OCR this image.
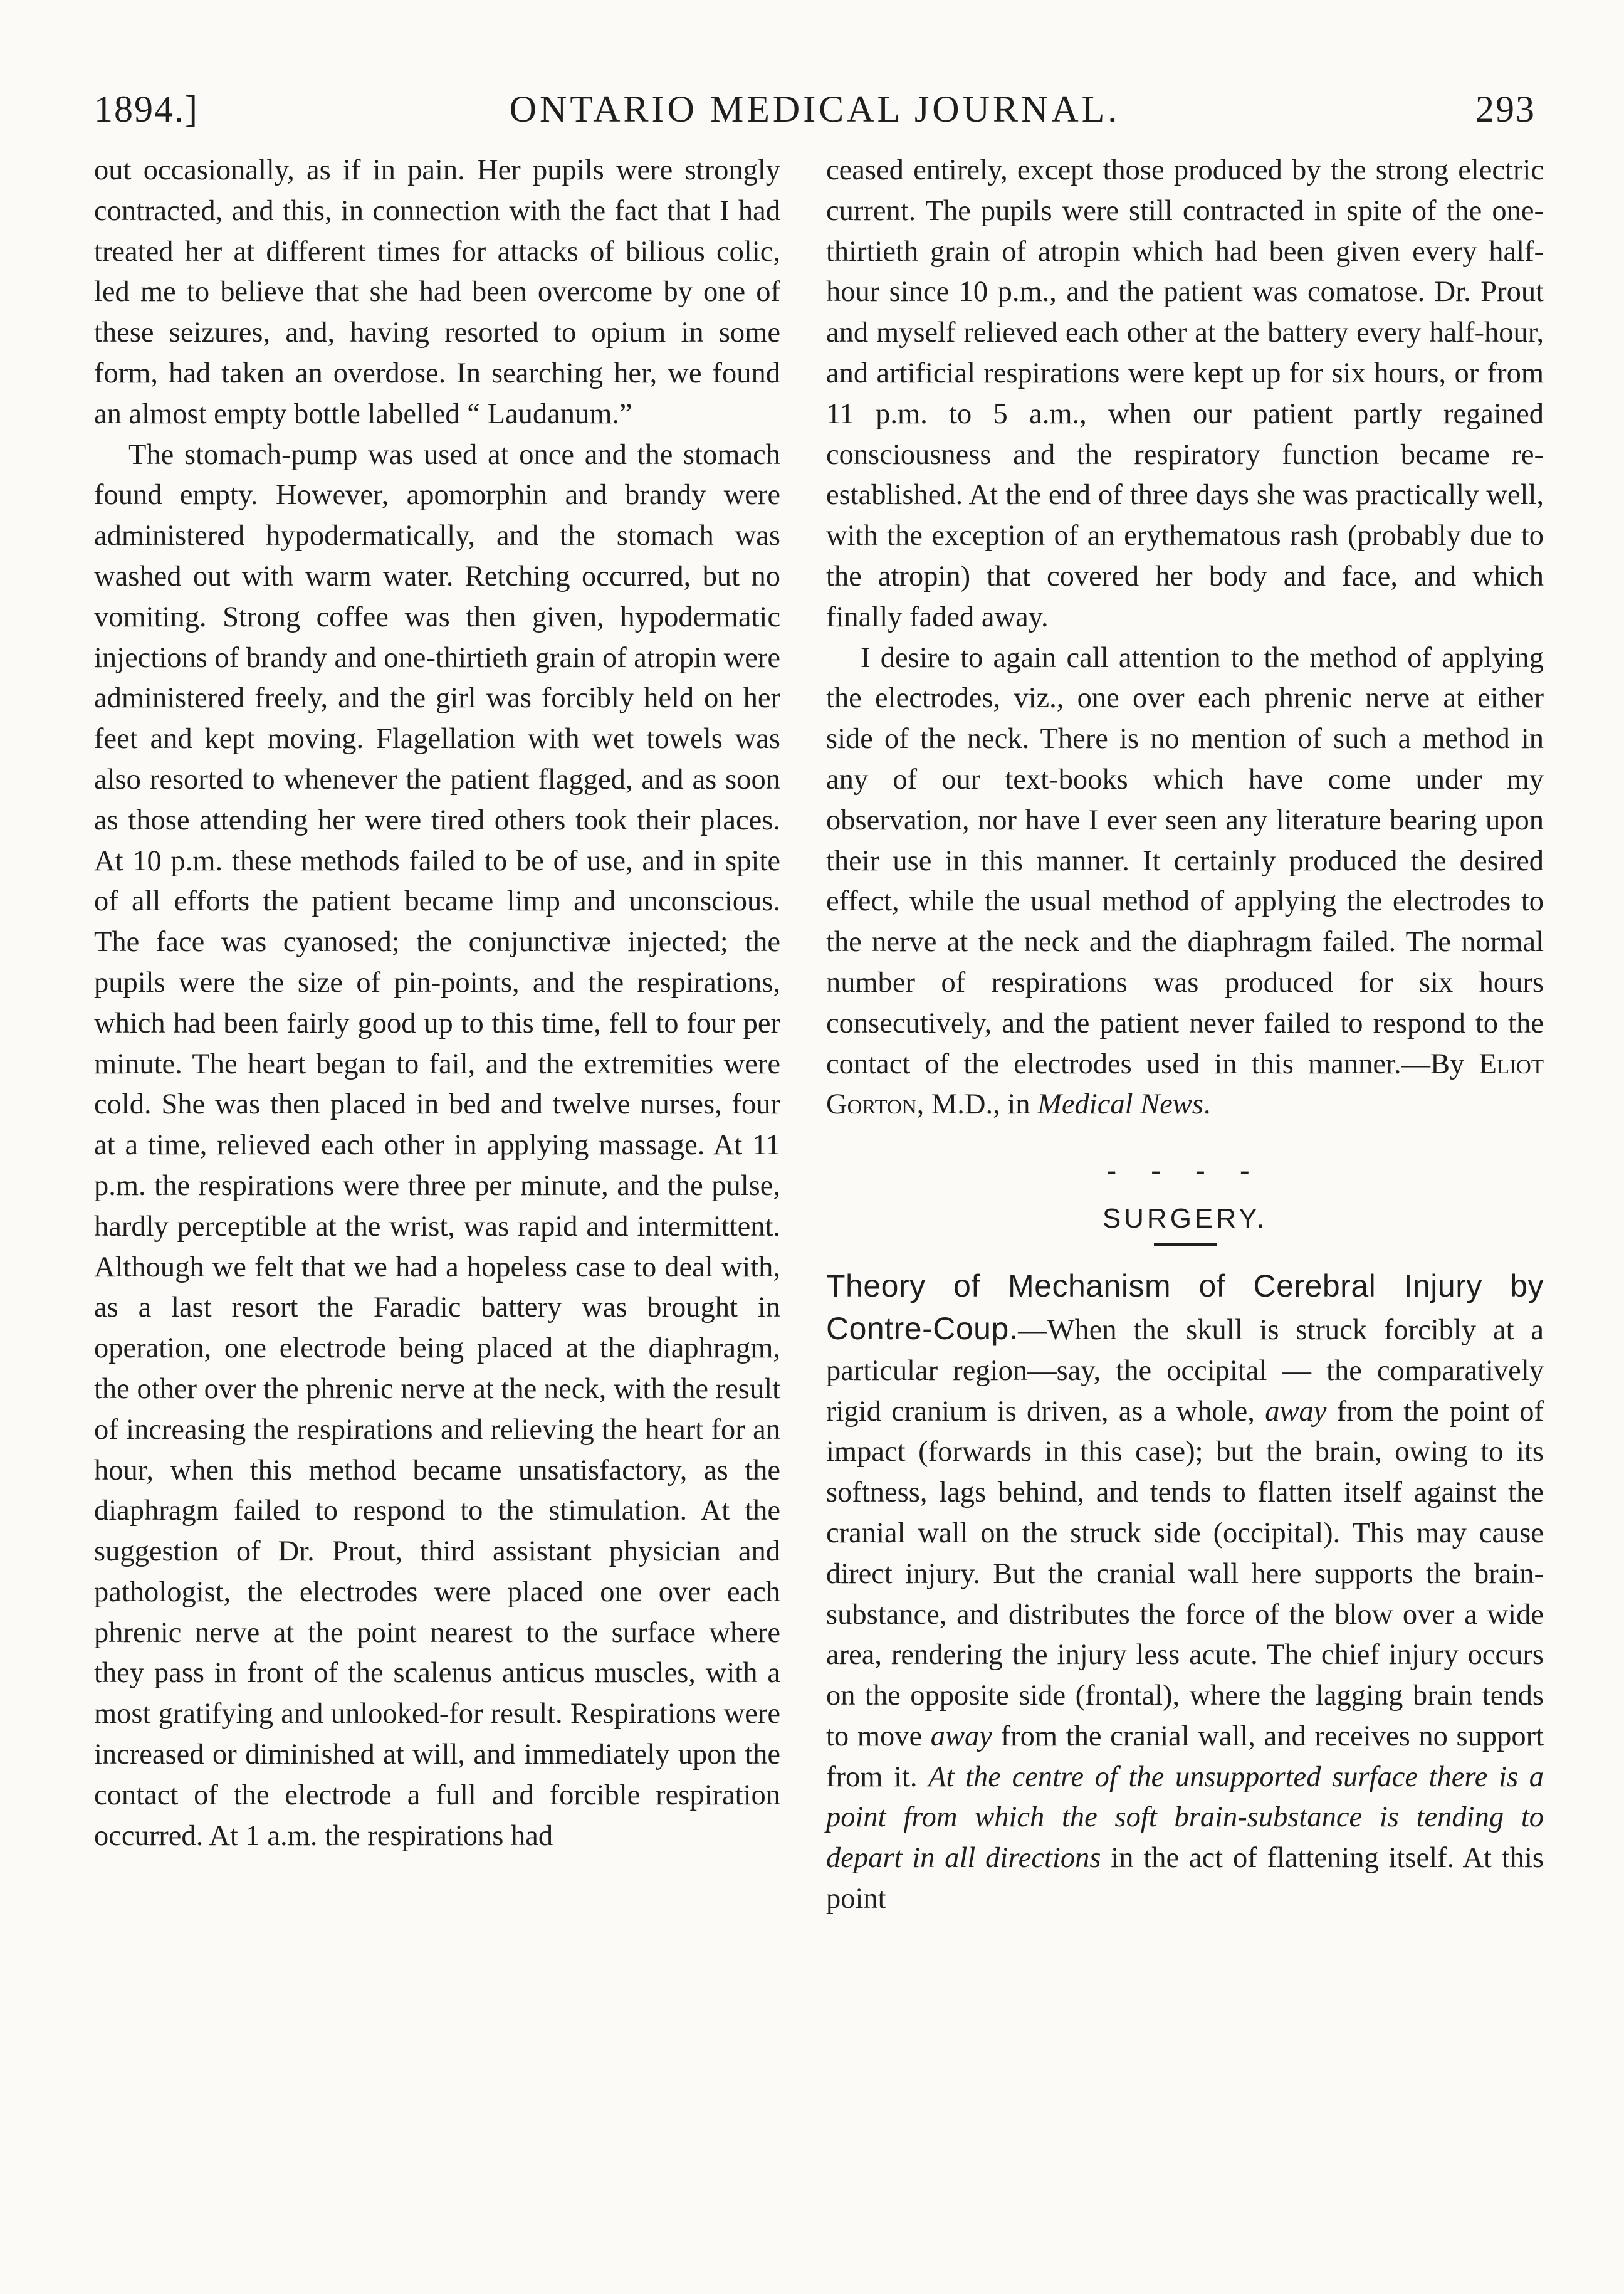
1894.]	ONTARIO MEDICAL JOURNAL.	293

out occasionally, as if in pain. Her pupils were strongly contracted, and this, in connection with the fact that I had treated her at different times for attacks of bilious colic, led me to believe that she had been overcome by one of these seizures, and, having resorted to opium in some form, had taken an overdose. In searching her, we found an almost empty bottle labelled “ Laudanum.”

The stomach-pump was used at once and the stomach found empty. However, apomorphin and brandy were administered hypodermatically, and the stomach was washed out with warm water. Retching occurred, but no vomiting. Strong coffee was then given, hypodermatic injections of brandy and one-thirtieth grain of atropin were administered freely, and the girl was forcibly held on her feet and kept moving. Flagellation with wet towels was also resorted to whenever the patient flagged, and as soon as those attending her were tired others took their places. At 10 p.m. these methods failed to be of use, and in spite of all efforts the patient became limp and unconscious. The face was cyanosed; the conjunctivæ injected; the pupils were the size of pin-points, and the respirations, which had been fairly good up to this time, fell to four per minute. The heart began to fail, and the extremities were cold. She was then placed in bed and twelve nurses, four at a time, relieved each other in applying massage. At 11 p.m. the respirations were three per minute, and the pulse, hardly perceptible at the wrist, was rapid and intermittent. Although we felt that we had a hopeless case to deal with, as a last resort the Faradic battery was brought in operation, one electrode being placed at the diaphragm, the other over the phrenic nerve at the neck, with the result of increasing the respirations and relieving the heart for an hour, when this method became unsatisfactory, as the diaphragm failed to respond to the stimulation. At the suggestion of Dr. Prout, third assistant physician and pathologist, the electrodes were placed one over each phrenic nerve at the point nearest to the surface where they pass in front of the scalenus anticus muscles, with a most gratifying and unlooked-for result. Respirations were increased or diminished at will, and immediately upon the contact of the electrode a full and forcible respiration occurred. At 1 a.m. the respirations had

ceased entirely, except those produced by the strong electric current. The pupils were still contracted in spite of the one-thirtieth grain of atropin which had been given every half-hour since 10 p.m., and the patient was comatose. Dr. Prout and myself relieved each other at the battery every half-hour, and artificial respirations were kept up for six hours, or from 11 p.m. to 5 a.m., when our patient partly regained consciousness and the respiratory function became re-established. At the end of three days she was practically well, with the exception of an erythematous rash (probably due to the atropin) that covered her body and face, and which finally faded away.

I desire to again call attention to the method of applying the electrodes, viz., one over each phrenic nerve at either side of the neck. There is no mention of such a method in any of our text-books which have come under my observation, nor have I ever seen any literature bearing upon their use in this manner. It certainly produced the desired effect, while the usual method of applying the electrodes to the nerve at the neck and the diaphragm failed. The normal number of respirations was produced for six hours consecutively, and the patient never failed to respond to the contact of the electrodes used in this manner.—By Eliot Gorton, M.D., in Medical News.

- - - -
SURGERY.

Theory of Mechanism of Cerebral Injury by Contre-Coup.—When the skull is struck forcibly at a particular region—say, the occipital — the comparatively rigid cranium is driven, as a whole, away from the point of impact (forwards in this case); but the brain, owing to its softness, lags behind, and tends to flatten itself against the cranial wall on the struck side (occipital). This may cause direct injury. But the cranial wall here supports the brain-substance, and distributes the force of the blow over a wide area, rendering the injury less acute. The chief injury occurs on the opposite side (frontal), where the lagging brain tends to move away from the cranial wall, and receives no support from it. At the centre of the unsupported surface there is a point from which the soft brain-substance is tending to depart in all directions in the act of flattening itself. At this point
